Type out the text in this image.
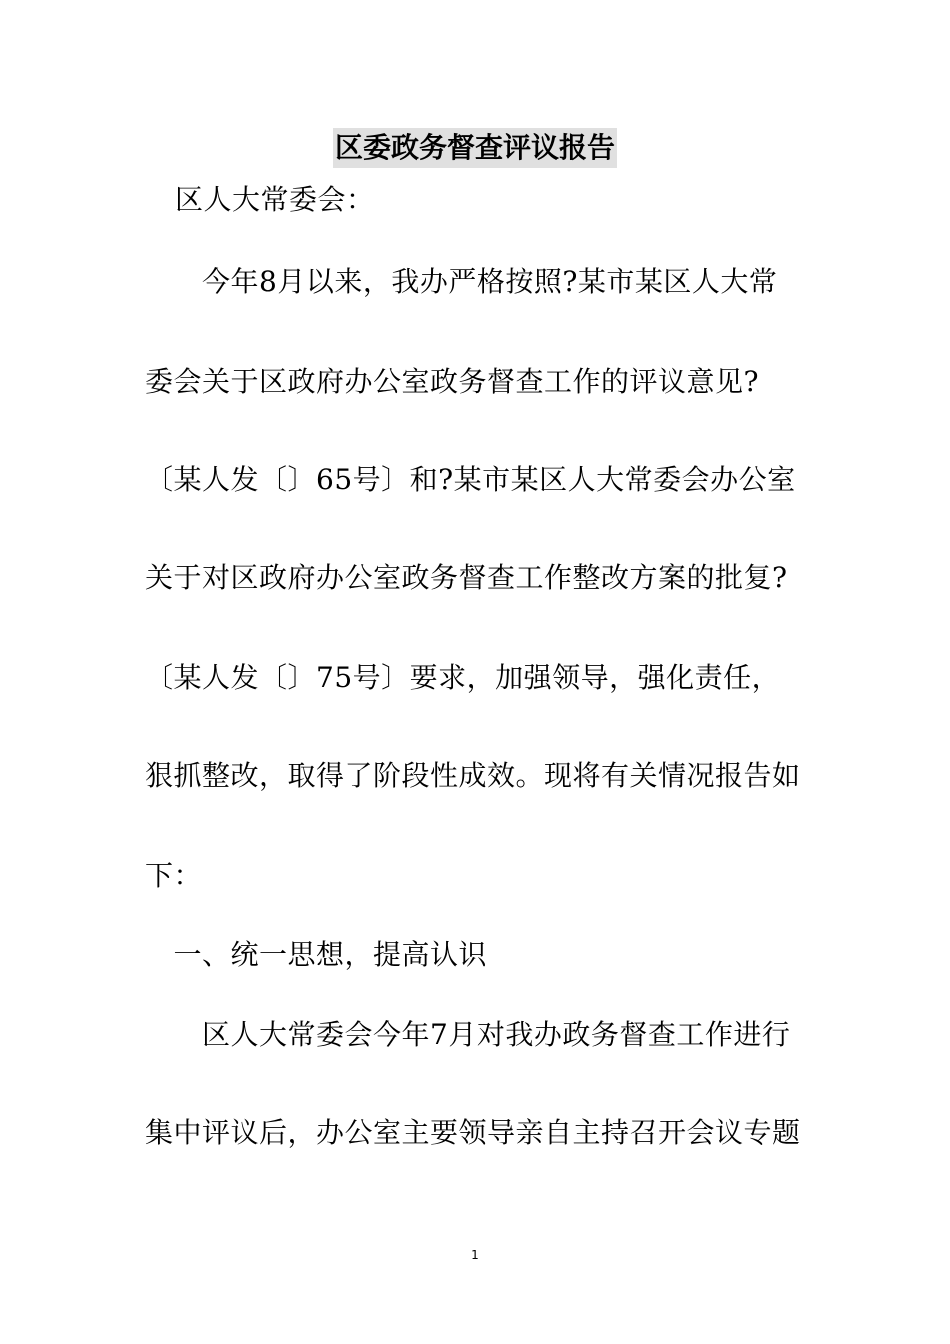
区委政务督查评议报告
区人大常委会：
　　今年8月以来，我办严格按照?某市某区人大常
委会关于区政府办公室政务督查工作的评议意见?
〔某人发〔〕65号〕和?某市某区人大常委会办公室
关于对区政府办公室政务督查工作整改方案的批复?
〔某人发〔〕75号〕要求，加强领导，强化责任，
狠抓整改，取得了阶段性成效。现将有关情况报告如
下：
　一、统一思想，提高认识
　　区人大常委会今年7月对我办政务督查工作进行
集中评议后，办公室主要领导亲自主持召开会议专题
1
